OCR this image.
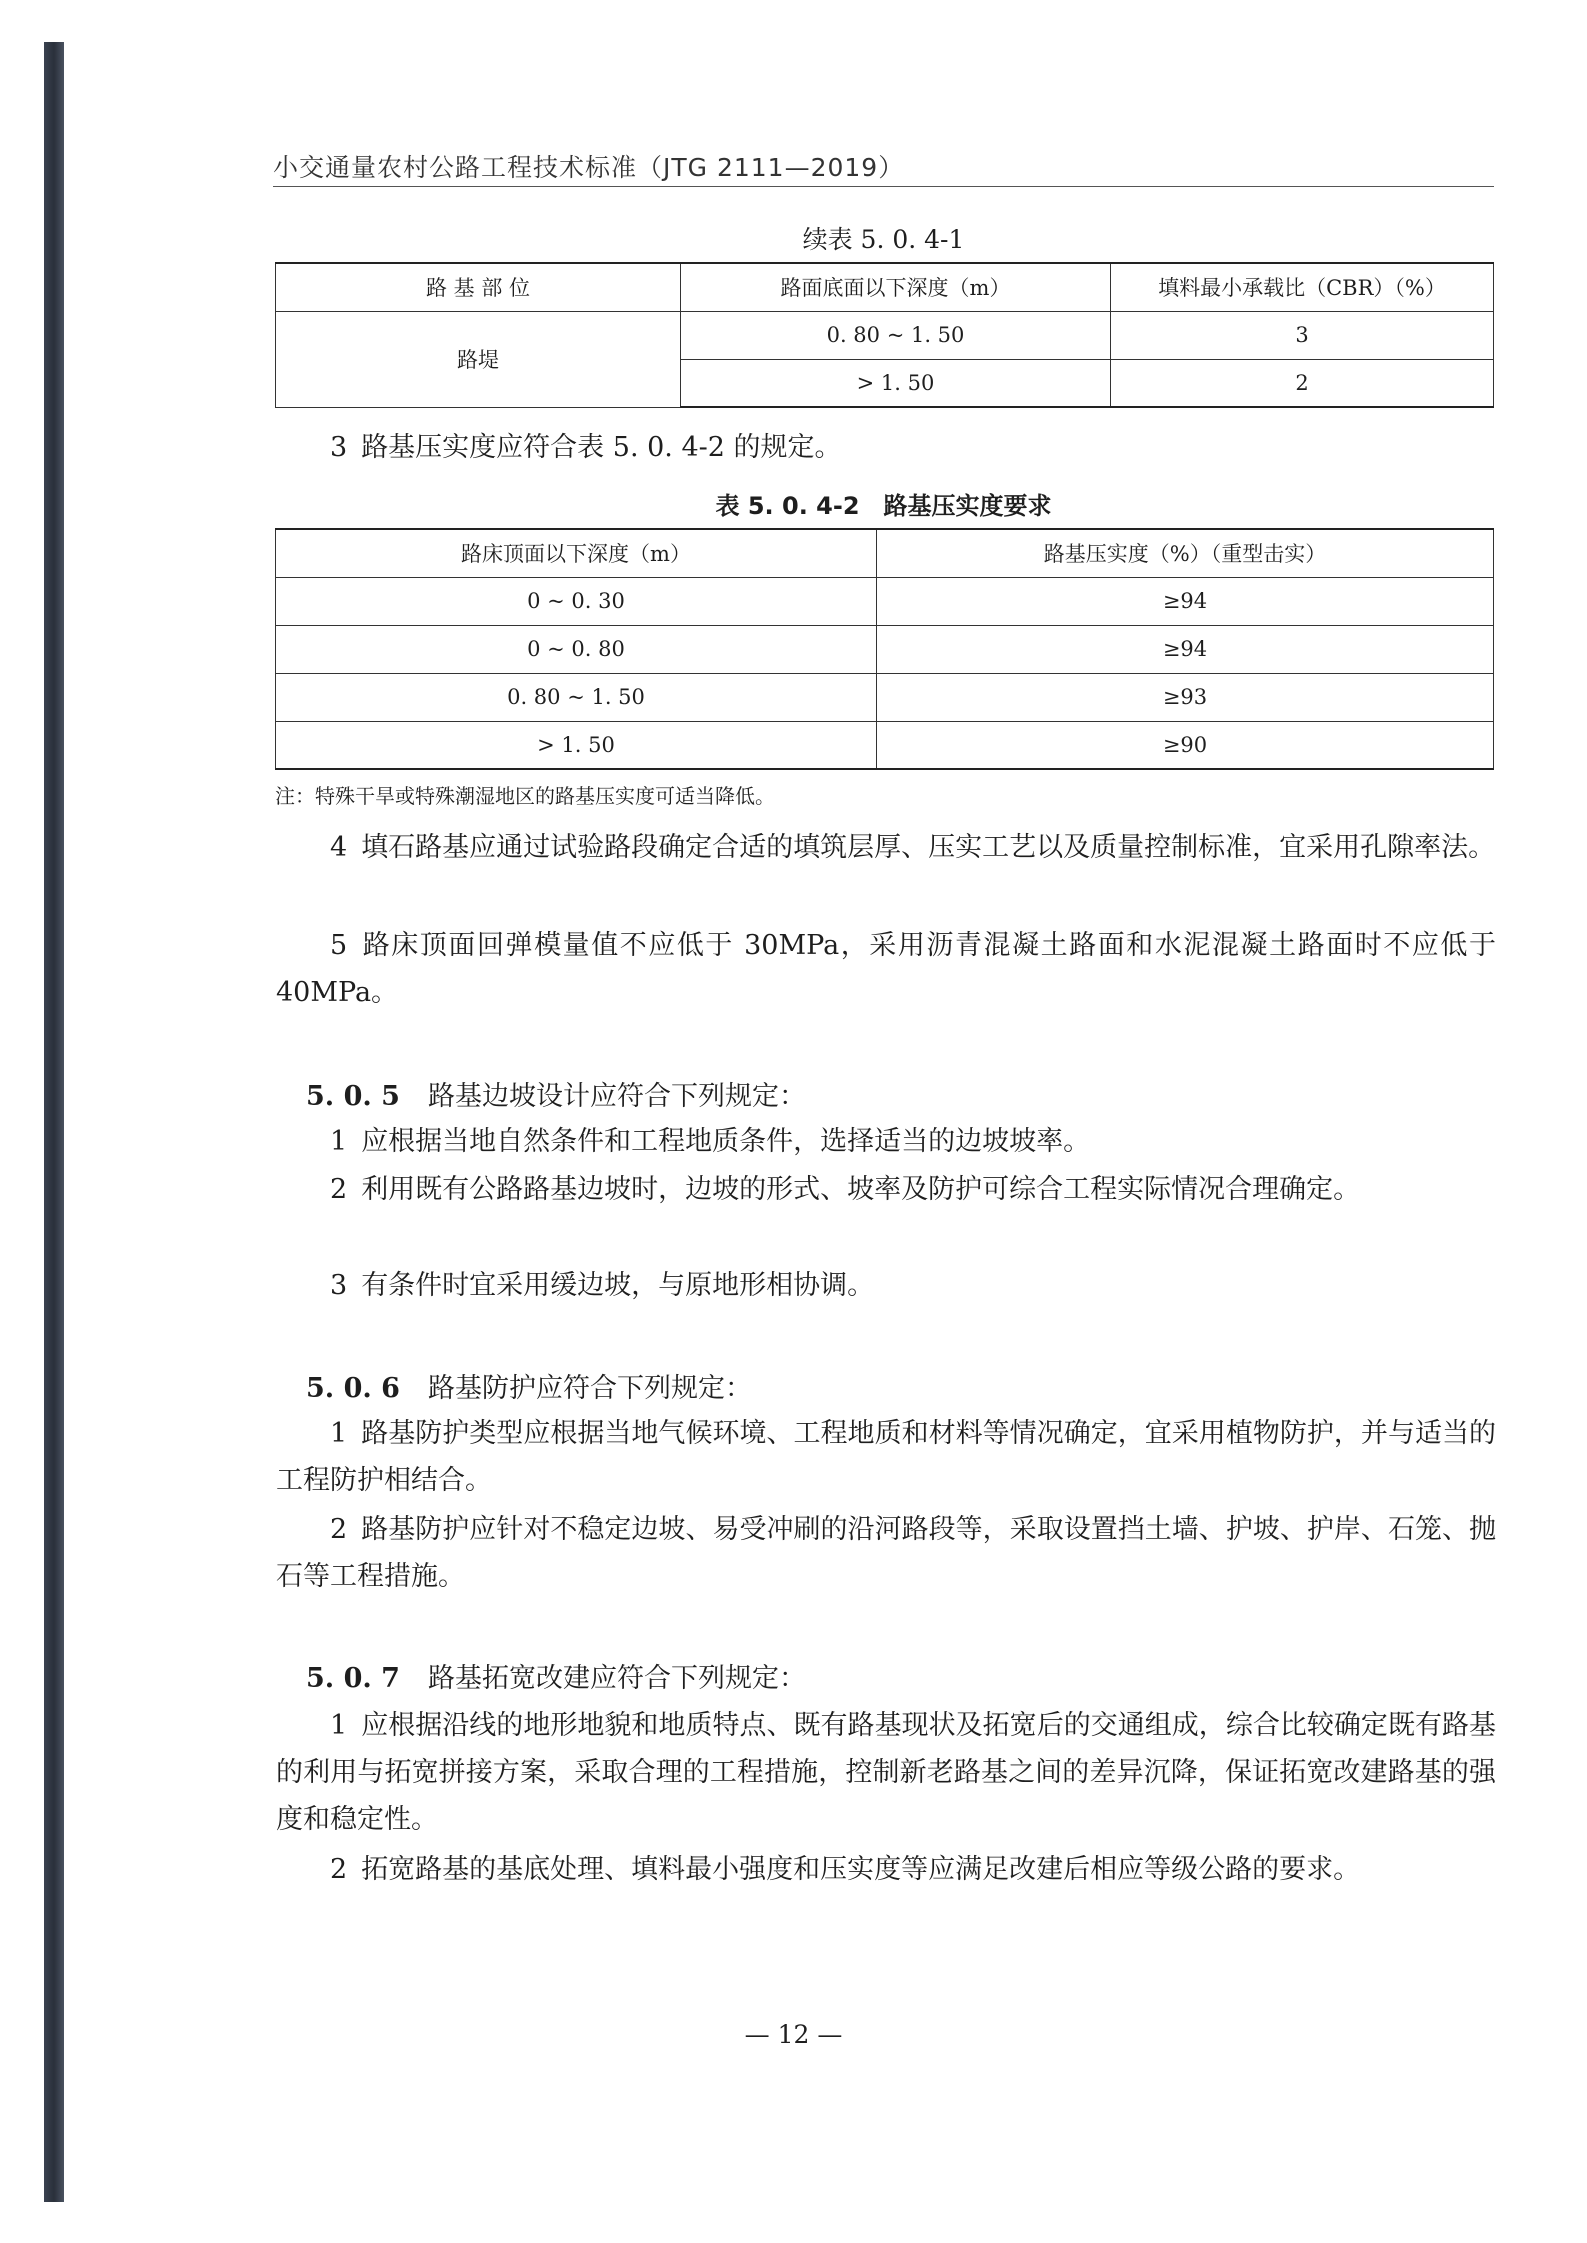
小交通量农村公路工程技术标准（JTG 2111—2019）
续表 5. 0. 4-1
路 基 部 位	路面底面以下深度（m）	填料最小承载比（CBR）（%）
路堤	0. 80 ~ 1. 50	3
	> 1. 50	2
3 路基压实度应符合表 5. 0. 4-2 的规定。
表 5. 0. 4-2　路基压实度要求
路床顶面以下深度（m）	路基压实度（%）（重型击实）
0 ~ 0. 30	≥94
0 ~ 0. 80	≥94
0. 80 ~ 1. 50	≥93
> 1. 50	≥90
注：特殊干旱或特殊潮湿地区的路基压实度可适当降低。
4 填石路基应通过试验路段确定合适的填筑层厚、压实工艺以及质量控制标准，宜采用孔隙率法。
5 路床顶面回弹模量值不应低于 30MPa，采用沥青混凝土路面和水泥混凝土路面时不应低于 40MPa。
5. 0. 5 路基边坡设计应符合下列规定：
1 应根据当地自然条件和工程地质条件，选择适当的边坡坡率。
2 利用既有公路路基边坡时，边坡的形式、坡率及防护可综合工程实际情况合理确定。
3 有条件时宜采用缓边坡，与原地形相协调。
5. 0. 6 路基防护应符合下列规定：
1 路基防护类型应根据当地气候环境、工程地质和材料等情况确定，宜采用植物防护，并与适当的工程防护相结合。
2 路基防护应针对不稳定边坡、易受冲刷的沿河路段等，采取设置挡土墙、护坡、护岸、石笼、抛石等工程措施。
5. 0. 7 路基拓宽改建应符合下列规定：
1 应根据沿线的地形地貌和地质特点、既有路基现状及拓宽后的交通组成，综合比较确定既有路基的利用与拓宽拼接方案，采取合理的工程措施，控制新老路基之间的差异沉降，保证拓宽改建路基的强度和稳定性。
2 拓宽路基的基底处理、填料最小强度和压实度等应满足改建后相应等级公路的要求。
— 12 —
